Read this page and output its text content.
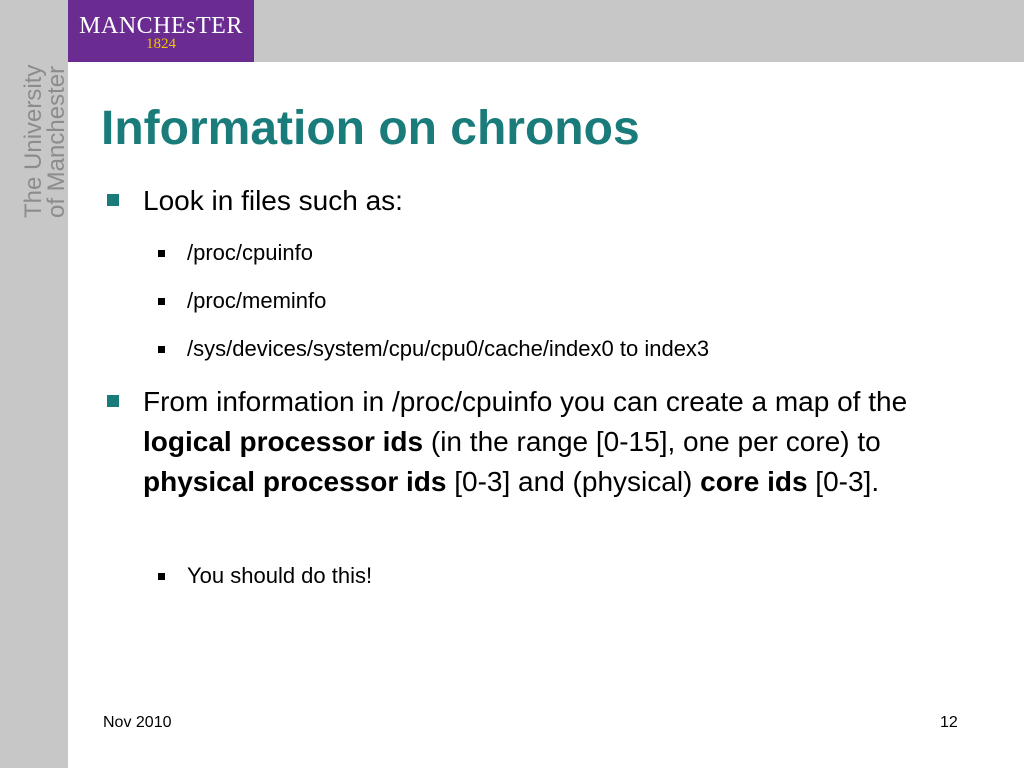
MANCHEsTER
1824
The University
of Manchester Information on chronos
Look in files such as:
/proc/cpuinfo
/proc/meminfo
/sys/devices/system/cpu/cpu0/cache/index0 to index3
From information in /proc/cpuinfo you can create a map of the logical processor ids (in the range [0-15], one per core) to physical processor ids [0-3] and (physical) core ids [0-3].
You should do this!
Nov 2010	12
